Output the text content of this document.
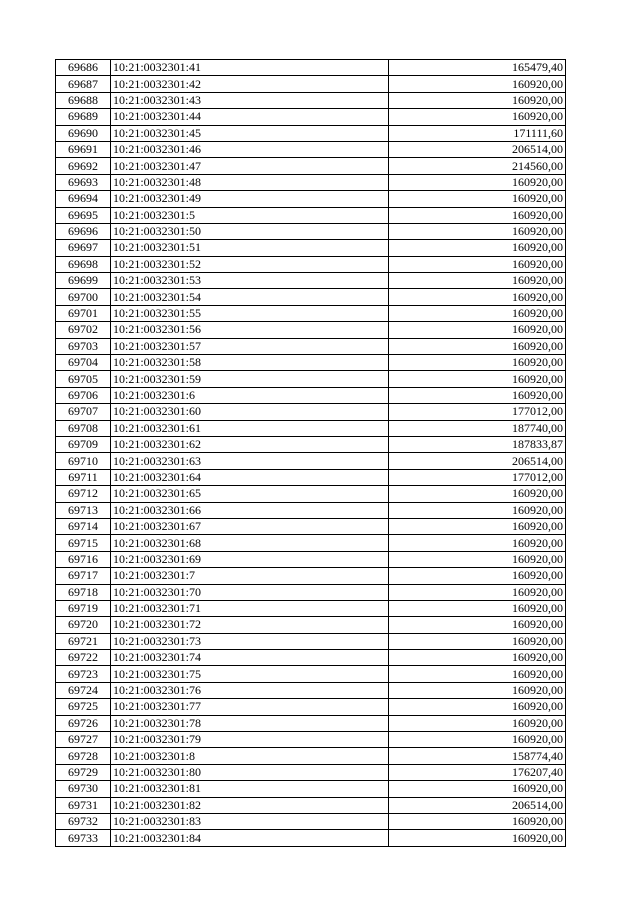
69686	10:21:0032301:41	165479,40
69687	10:21:0032301:42	160920,00
69688	10:21:0032301:43	160920,00
69689	10:21:0032301:44	160920,00
69690	10:21:0032301:45	171111,60
69691	10:21:0032301:46	206514,00
69692	10:21:0032301:47	214560,00
69693	10:21:0032301:48	160920,00
69694	10:21:0032301:49	160920,00
69695	10:21:0032301:5	160920,00
69696	10:21:0032301:50	160920,00
69697	10:21:0032301:51	160920,00
69698	10:21:0032301:52	160920,00
69699	10:21:0032301:53	160920,00
69700	10:21:0032301:54	160920,00
69701	10:21:0032301:55	160920,00
69702	10:21:0032301:56	160920,00
69703	10:21:0032301:57	160920,00
69704	10:21:0032301:58	160920,00
69705	10:21:0032301:59	160920,00
69706	10:21:0032301:6	160920,00
69707	10:21:0032301:60	177012,00
69708	10:21:0032301:61	187740,00
69709	10:21:0032301:62	187833,87
69710	10:21:0032301:63	206514,00
69711	10:21:0032301:64	177012,00
69712	10:21:0032301:65	160920,00
69713	10:21:0032301:66	160920,00
69714	10:21:0032301:67	160920,00
69715	10:21:0032301:68	160920,00
69716	10:21:0032301:69	160920,00
69717	10:21:0032301:7	160920,00
69718	10:21:0032301:70	160920,00
69719	10:21:0032301:71	160920,00
69720	10:21:0032301:72	160920,00
69721	10:21:0032301:73	160920,00
69722	10:21:0032301:74	160920,00
69723	10:21:0032301:75	160920,00
69724	10:21:0032301:76	160920,00
69725	10:21:0032301:77	160920,00
69726	10:21:0032301:78	160920,00
69727	10:21:0032301:79	160920,00
69728	10:21:0032301:8	158774,40
69729	10:21:0032301:80	176207,40
69730	10:21:0032301:81	160920,00
69731	10:21:0032301:82	206514,00
69732	10:21:0032301:83	160920,00
69733	10:21:0032301:84	160920,00
